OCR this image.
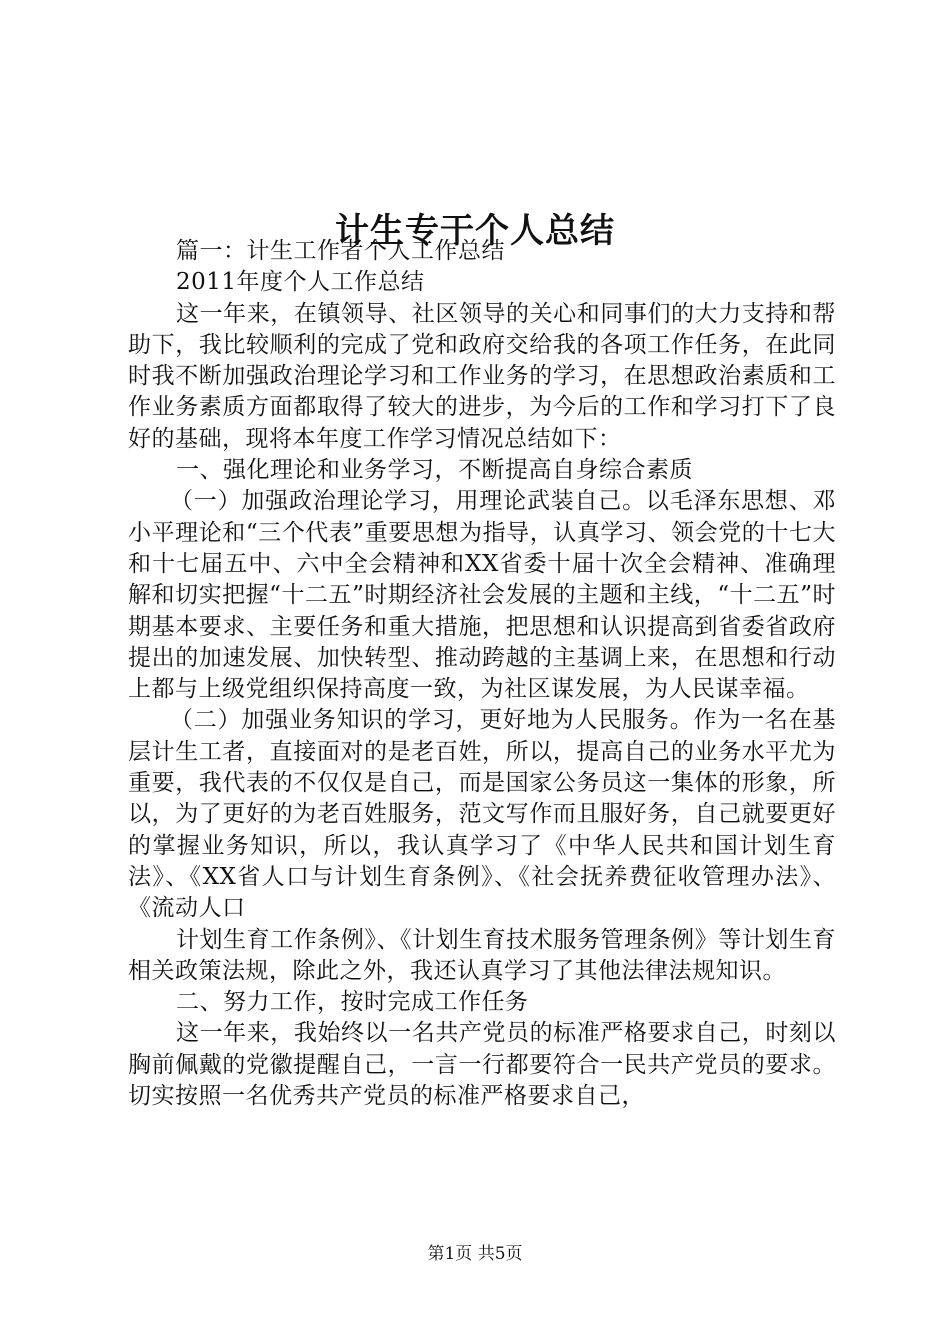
计生专干个人总结

篇一：计生工作者个人工作总结

2011年度个人工作总结

这一年来，在镇领导、社区领导的关心和同事们的大力支持和帮助下，我比较顺利的完成了党和政府交给我的各项工作任务，在此同时我不断加强政治理论学习和工作业务的学习，在思想政治素质和工作业务素质方面都取得了较大的进步，为今后的工作和学习打下了良好的基础，现将本年度工作学习情况总结如下：

一、强化理论和业务学习，不断提高自身综合素质

（一）加强政治理论学习，用理论武装自己。以毛泽东思想、邓小平理论和“三个代表”重要思想为指导，认真学习、领会党的十七大和十七届五中、六中全会精神和XX省委十届十次全会精神、准确理解和切实把握“十二五”时期经济社会发展的主题和主线，“十二五”时期基本要求、主要任务和重大措施，把思想和认识提高到省委省政府提出的加速发展、加快转型、推动跨越的主基调上来，在思想和行动上都与上级党组织保持高度一致，为社区谋发展，为人民谋幸福。

（二）加强业务知识的学习，更好地为人民服务。作为一名在基层计生工者，直接面对的是老百姓，所以，提高自己的业务水平尤为重要，我代表的不仅仅是自己，而是国家公务员这一集体的形象，所以，为了更好的为老百姓服务，范文写作而且服好务，自己就要更好的掌握业务知识，所以，我认真学习了《中华人民共和国计划生育法》、《XX省人口与计划生育条例》、《社会抚养费征收管理办法》、《流动人口

计划生育工作条例》、《计划生育技术服务管理条例》等计划生育相关政策法规，除此之外，我还认真学习了其他法律法规知识。

二、努力工作，按时完成工作任务

这一年来，我始终以一名共产党员的标准严格要求自己，时刻以胸前佩戴的党徽提醒自己，一言一行都要符合一民共产党员的要求。切实按照一名优秀共产党员的标准严格要求自己，

第1页 共5页
